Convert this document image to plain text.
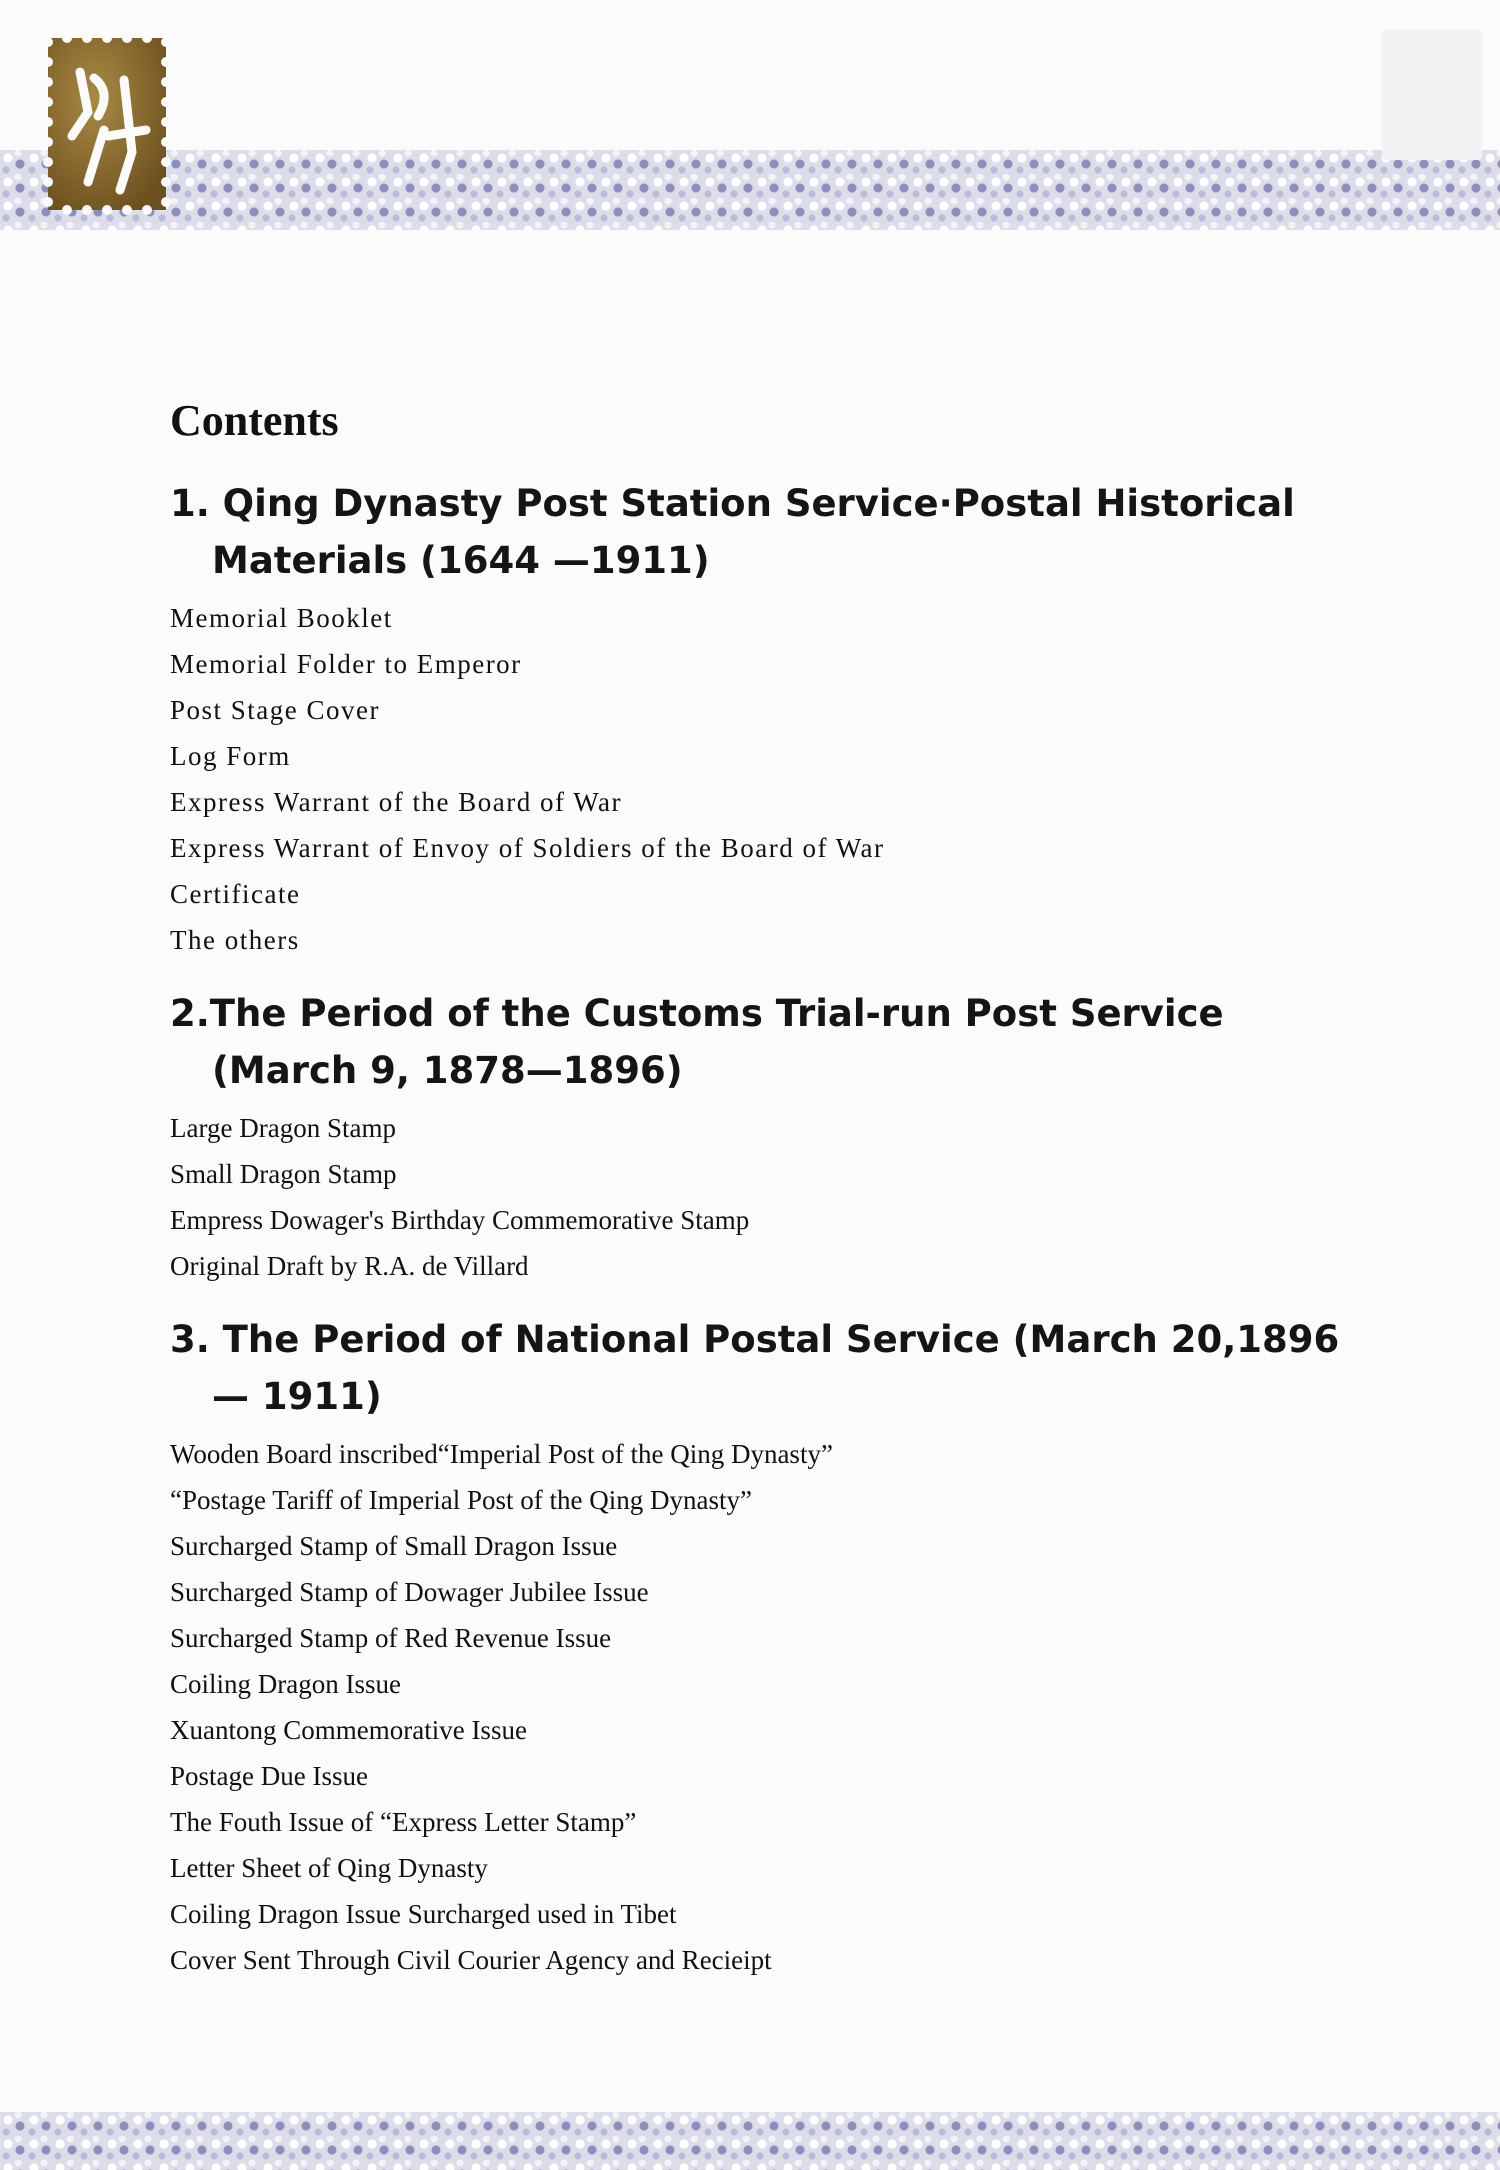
Contents
1. Qing Dynasty Post Station Service·Postal Historical Materials (1644 —1911)
Memorial Booklet
Memorial Folder to Emperor
Post Stage Cover
Log Form
Express Warrant of the Board of War
Express Warrant of Envoy of Soldiers of the Board of War
Certificate
The others
2.The Period of the Customs Trial-run Post Service (March 9, 1878—1896)
Large Dragon Stamp
Small Dragon Stamp
Empress Dowager's Birthday Commemorative Stamp
Original Draft by R.A. de Villard
3. The Period of National Postal Service (March 20,1896— 1911)
Wooden Board inscribed“Imperial Post of the Qing Dynasty”
“Postage Tariff of Imperial Post of the Qing Dynasty”
Surcharged Stamp of Small Dragon Issue
Surcharged Stamp of Dowager Jubilee Issue
Surcharged Stamp of Red Revenue Issue
Coiling Dragon Issue
Xuantong Commemorative Issue
Postage Due Issue
The Fouth Issue of “Express Letter Stamp”
Letter Sheet of Qing Dynasty
Coiling Dragon Issue Surcharged used in Tibet
Cover Sent Through Civil Courier Agency and Recieipt
